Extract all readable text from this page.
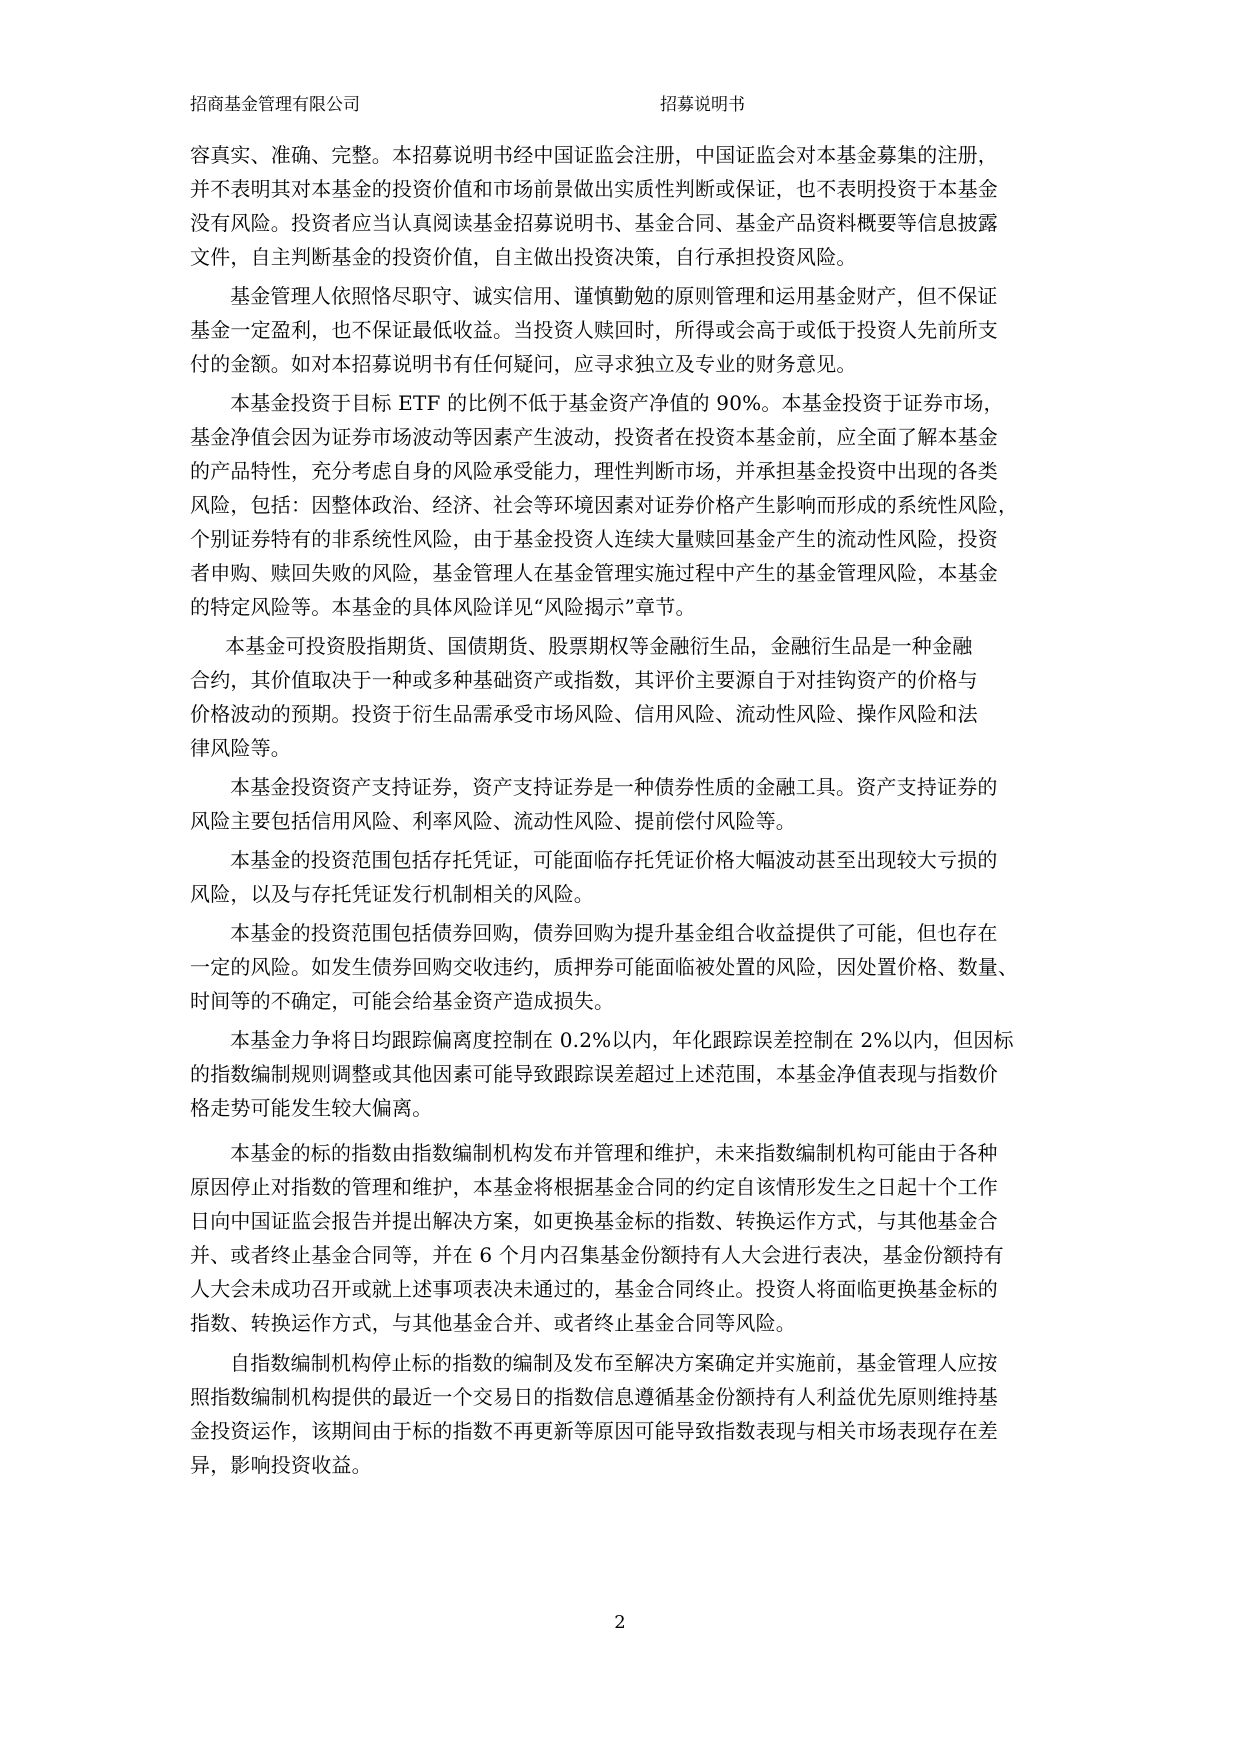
招商基金管理有限公司	招募说明书
容真实、准确、完整。本招募说明书经中国证监会注册，中国证监会对本基金募集的注册，
并不表明其对本基金的投资价值和市场前景做出实质性判断或保证，也不表明投资于本基金
没有风险。投资者应当认真阅读基金招募说明书、基金合同、基金产品资料概要等信息披露
文件，自主判断基金的投资价值，自主做出投资决策，自行承担投资风险。
基金管理人依照恪尽职守、诚实信用、谨慎勤勉的原则管理和运用基金财产，但不保证
基金一定盈利，也不保证最低收益。当投资人赎回时，所得或会高于或低于投资人先前所支
付的金额。如对本招募说明书有任何疑问，应寻求独立及专业的财务意见。
本基金投资于目标 ETF 的比例不低于基金资产净值的 90%。本基金投资于证券市场，
基金净值会因为证券市场波动等因素产生波动，投资者在投资本基金前，应全面了解本基金
的产品特性，充分考虑自身的风险承受能力，理性判断市场，并承担基金投资中出现的各类
风险，包括：因整体政治、经济、社会等环境因素对证券价格产生影响而形成的系统性风险，
个别证券特有的非系统性风险，由于基金投资人连续大量赎回基金产生的流动性风险，投资
者申购、赎回失败的风险，基金管理人在基金管理实施过程中产生的基金管理风险，本基金
的特定风险等。本基金的具体风险详见“风险揭示”章节。
本基金可投资股指期货、国债期货、股票期权等金融衍生品，金融衍生品是一种金融
合约，其价值取决于一种或多种基础资产或指数，其评价主要源自于对挂钩资产的价格与
价格波动的预期。投资于衍生品需承受市场风险、信用风险、流动性风险、操作风险和法
律风险等。
本基金投资资产支持证券，资产支持证券是一种债券性质的金融工具。资产支持证券的
风险主要包括信用风险、利率风险、流动性风险、提前偿付风险等。
本基金的投资范围包括存托凭证，可能面临存托凭证价格大幅波动甚至出现较大亏损的
风险，以及与存托凭证发行机制相关的风险。
本基金的投资范围包括债券回购，债券回购为提升基金组合收益提供了可能，但也存在
一定的风险。如发生债券回购交收违约，质押券可能面临被处置的风险，因处置价格、数量、
时间等的不确定，可能会给基金资产造成损失。
本基金力争将日均跟踪偏离度控制在 0.2%以内，年化跟踪误差控制在 2%以内，但因标
的指数编制规则调整或其他因素可能导致跟踪误差超过上述范围，本基金净值表现与指数价
格走势可能发生较大偏离。
本基金的标的指数由指数编制机构发布并管理和维护，未来指数编制机构可能由于各种
原因停止对指数的管理和维护，本基金将根据基金合同的约定自该情形发生之日起十个工作
日向中国证监会报告并提出解决方案，如更换基金标的指数、转换运作方式，与其他基金合
并、或者终止基金合同等，并在 6 个月内召集基金份额持有人大会进行表决，基金份额持有
人大会未成功召开或就上述事项表决未通过的，基金合同终止。投资人将面临更换基金标的
指数、转换运作方式，与其他基金合并、或者终止基金合同等风险。
自指数编制机构停止标的指数的编制及发布至解决方案确定并实施前，基金管理人应按
照指数编制机构提供的最近一个交易日的指数信息遵循基金份额持有人利益优先原则维持基
金投资运作，该期间由于标的指数不再更新等原因可能导致指数表现与相关市场表现存在差
异，影响投资收益。
2
